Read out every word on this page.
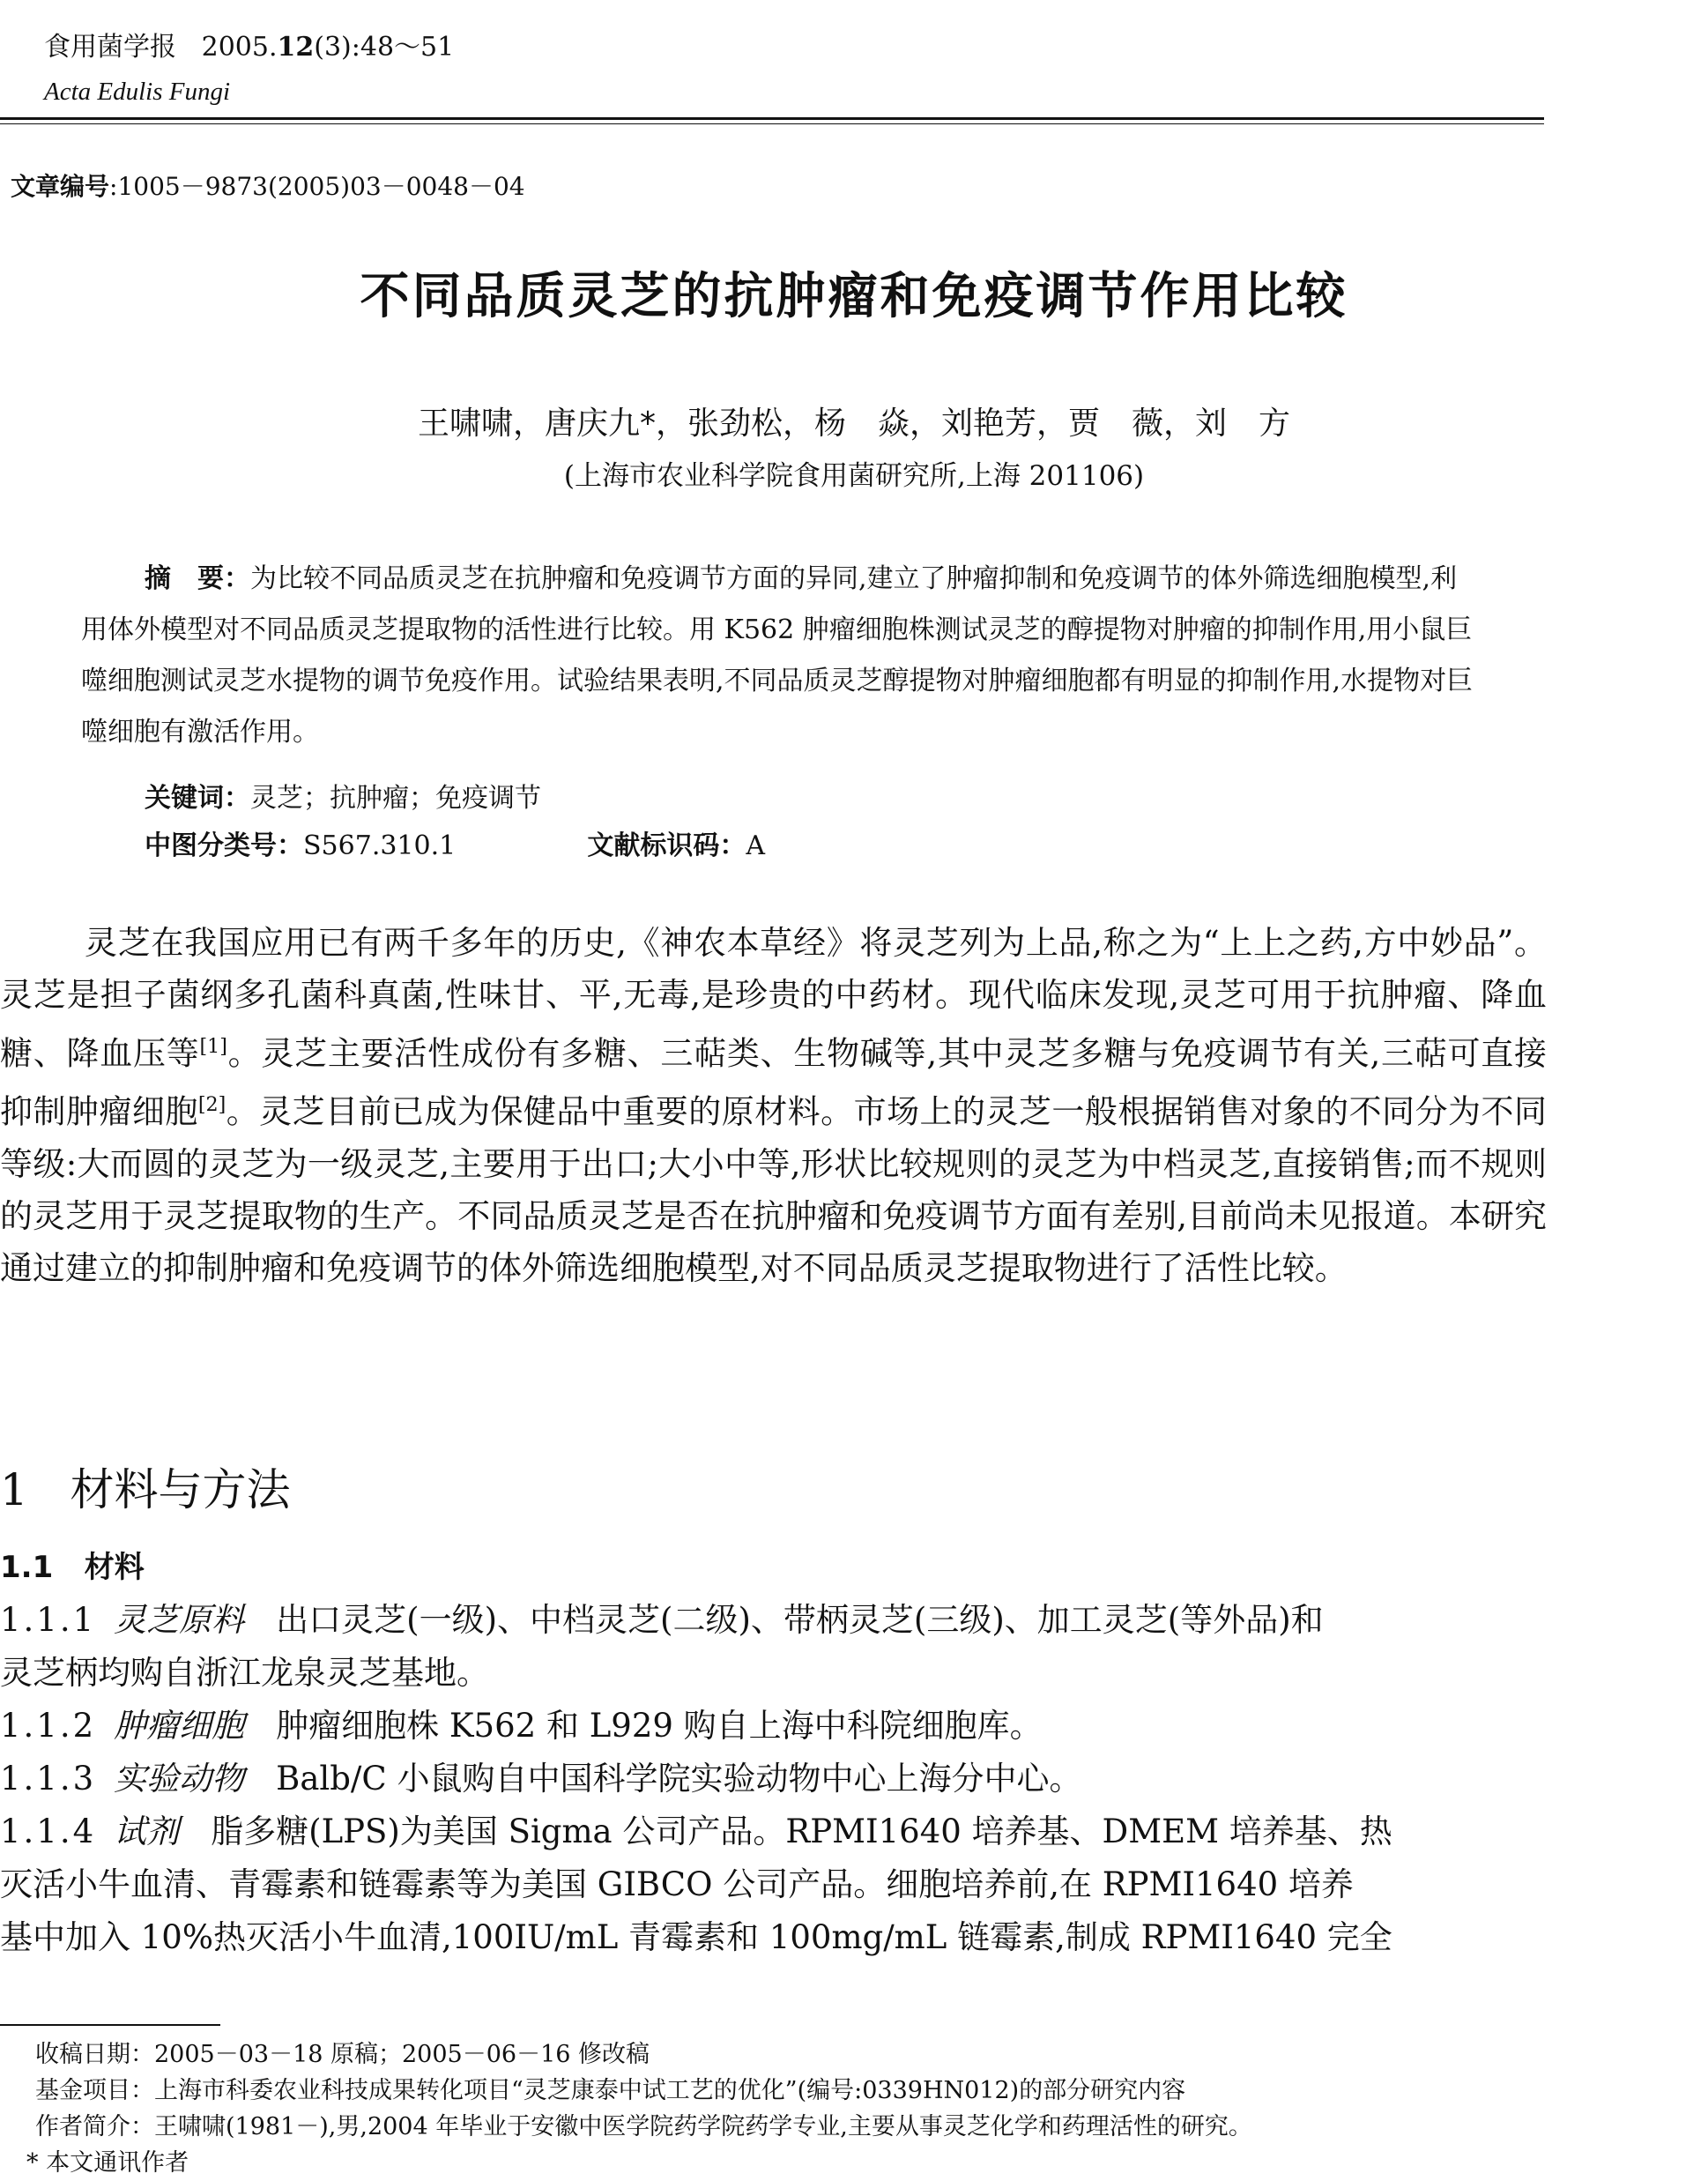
食用菌学报 2005.12(3):48～51
Acta Edulis Fungi
文章编号:1005－9873(2005)03－0048－04
不同品质灵芝的抗肿瘤和免疫调节作用比较
王啸啸，唐庆九*，张劲松，杨　焱，刘艳芳，贾　薇，刘　方
(上海市农业科学院食用菌研究所,上海 201106)
摘　要：为比较不同品质灵芝在抗肿瘤和免疫调节方面的异同,建立了肿瘤抑制和免疫调节的体外筛选细胞模型,利用体外模型对不同品质灵芝提取物的活性进行比较。用 K562 肿瘤细胞株测试灵芝的醇提物对肿瘤的抑制作用,用小鼠巨噬细胞测试灵芝水提物的调节免疫作用。试验结果表明,不同品质灵芝醇提物对肿瘤细胞都有明显的抑制作用,水提物对巨噬细胞有激活作用。
关键词：灵芝；抗肿瘤；免疫调节
中图分类号：S567.310.1	文献标识码：A

灵芝在我国应用已有两千多年的历史,《神农本草经》将灵芝列为上品,称之为“上上之药,方中妙品”。灵芝是担子菌纲多孔菌科真菌,性味甘、平,无毒,是珍贵的中药材。现代临床发现,灵芝可用于抗肿瘤、降血糖、降血压等[1]。灵芝主要活性成份有多糖、三萜类、生物碱等,其中灵芝多糖与免疫调节有关,三萜可直接抑制肿瘤细胞[2]。灵芝目前已成为保健品中重要的原材料。市场上的灵芝一般根据销售对象的不同分为不同等级:大而圆的灵芝为一级灵芝,主要用于出口;大小中等,形状比较规则的灵芝为中档灵芝,直接销售;而不规则的灵芝用于灵芝提取物的生产。不同品质灵芝是否在抗肿瘤和免疫调节方面有差别,目前尚未见报道。本研究通过建立的抑制肿瘤和免疫调节的体外筛选细胞模型,对不同品质灵芝提取物进行了活性比较。

1 材料与方法
1.1 材料

1.1.1 灵芝原料 出口灵芝(一级)、中档灵芝(二级)、带柄灵芝(三级)、加工灵芝(等外品)和

灵芝柄均购自浙江龙泉灵芝基地。

1.1.2 肿瘤细胞 肿瘤细胞株 K562 和 L929 购自上海中科院细胞库。

1.1.3 实验动物 Balb/C 小鼠购自中国科学院实验动物中心上海分中心。

1.1.4 试剂 脂多糖(LPS)为美国 Sigma 公司产品。RPMI1640 培养基、DMEM 培养基、热

灭活小牛血清、青霉素和链霉素等为美国 GIBCO 公司产品。细胞培养前,在 RPMI1640 培养

基中加入 10%热灭活小牛血清,100IU/mL 青霉素和 100mg/mL 链霉素,制成 RPMI1640 完全

收稿日期：2005－03－18 原稿；2005－06－16 修改稿
基金项目：上海市科委农业科技成果转化项目“灵芝康泰中试工艺的优化”(编号:0339HN012)的部分研究内容
作者简介：王啸啸(1981－),男,2004 年毕业于安徽中医学院药学院药学专业,主要从事灵芝化学和药理活性的研究。
* 本文通讯作者
